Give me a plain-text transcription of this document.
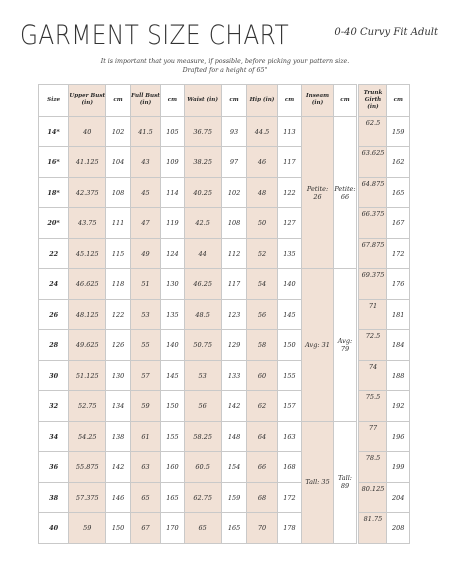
GARMENT SIZE CHART	0-40 Curvy Fit Adult
It is important that you measure, if possible, before picking your pattern size.
Drafted for a height of 65"
Size	Upper Bust (in)	cm	Full Bust (in)	cm	Waist (in)	cm	Hip (in)	cm	Inseam (in)	cm		Trunk Girth (in)	cm
14*	40	102	41.5	105	36.75	93	44.5	113	Petite: 26	Petite: 66		62.5	159
16*	41.125	104	43	109	38.25	97	46	117				63.625	162
18*	42.375	108	45	114	40.25	102	48	122				64.875	165
20*	43.75	111	47	119	42.5	108	50	127				66.375	167
22	45.125	115	49	124	44	112	52	135				67.875	172
24	46.625	118	51	130	46.25	117	54	140	Avg: 31	Avg: 79		69.375	176
26	48.125	122	53	135	48.5	123	56	145				71	181
28	49.625	126	55	140	50.75	129	58	150				72.5	184
30	51.125	130	57	145	53	133	60	155				74	188
32	52.75	134	59	150	56	142	62	157				75.5	192
34	54.25	138	61	155	58.25	148	64	163	Tall: 35	Tall: 89		77	196
36	55.875	142	63	160	60.5	154	66	168				78.5	199
38	57.375	146	65	165	62.75	159	68	172				80.125	204
40	59	150	67	170	65	165	70	178				81.75	208
